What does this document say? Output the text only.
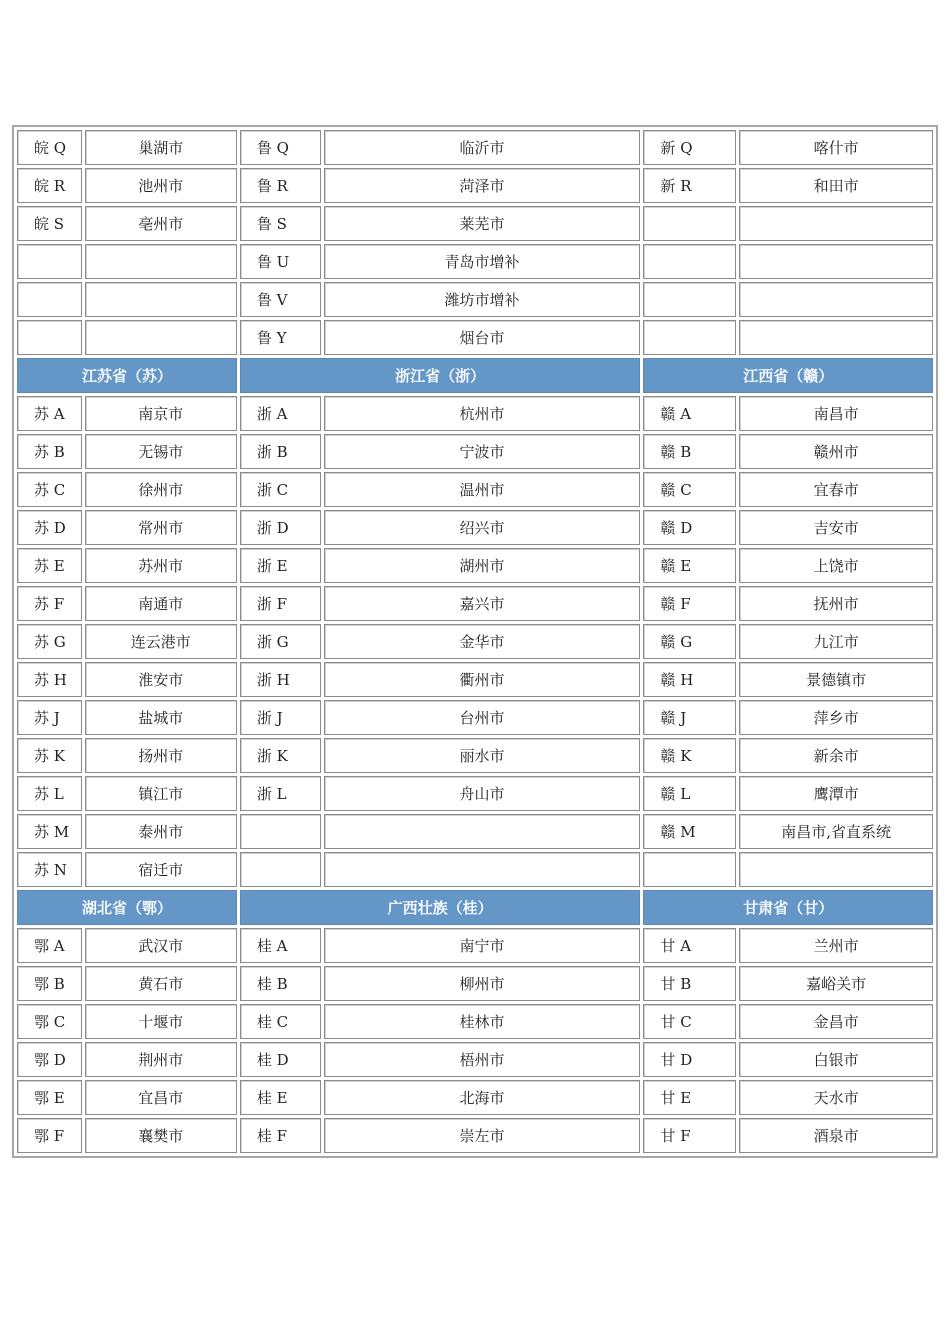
皖 Q	巢湖市	鲁 Q	临沂市	新 Q	喀什市
皖 R	池州市	鲁 R	菏泽市	新 R	和田市
皖 S	亳州市	鲁 S	莱芜市		
		鲁 U	青岛市增补		
		鲁 V	潍坊市增补		
		鲁 Y	烟台市		
江苏省（苏）		浙江省（浙）		江西省（赣）	
苏 A	南京市	浙 A	杭州市	赣 A	南昌市
苏 B	无锡市	浙 B	宁波市	赣 B	赣州市
苏 C	徐州市	浙 C	温州市	赣 C	宜春市
苏 D	常州市	浙 D	绍兴市	赣 D	吉安市
苏 E	苏州市	浙 E	湖州市	赣 E	上饶市
苏 F	南通市	浙 F	嘉兴市	赣 F	抚州市
苏 G	连云港市	浙 G	金华市	赣 G	九江市
苏 H	淮安市	浙 H	衢州市	赣 H	景德镇市
苏 J	盐城市	浙 J	台州市	赣 J	萍乡市
苏 K	扬州市	浙 K	丽水市	赣 K	新余市
苏 L	镇江市	浙 L	舟山市	赣 L	鹰潭市
苏 M	泰州市			赣 M	南昌市,省直系统
苏 N	宿迁市				
湖北省（鄂）		广西壮族（桂）		甘肃省（甘）	
鄂 A	武汉市	桂 A	南宁市	甘 A	兰州市
鄂 B	黄石市	桂 B	柳州市	甘 B	嘉峪关市
鄂 C	十堰市	桂 C	桂林市	甘 C	金昌市
鄂 D	荆州市	桂 D	梧州市	甘 D	白银市
鄂 E	宜昌市	桂 E	北海市	甘 E	天水市
鄂 F	襄樊市	桂 F	崇左市	甘 F	酒泉市
